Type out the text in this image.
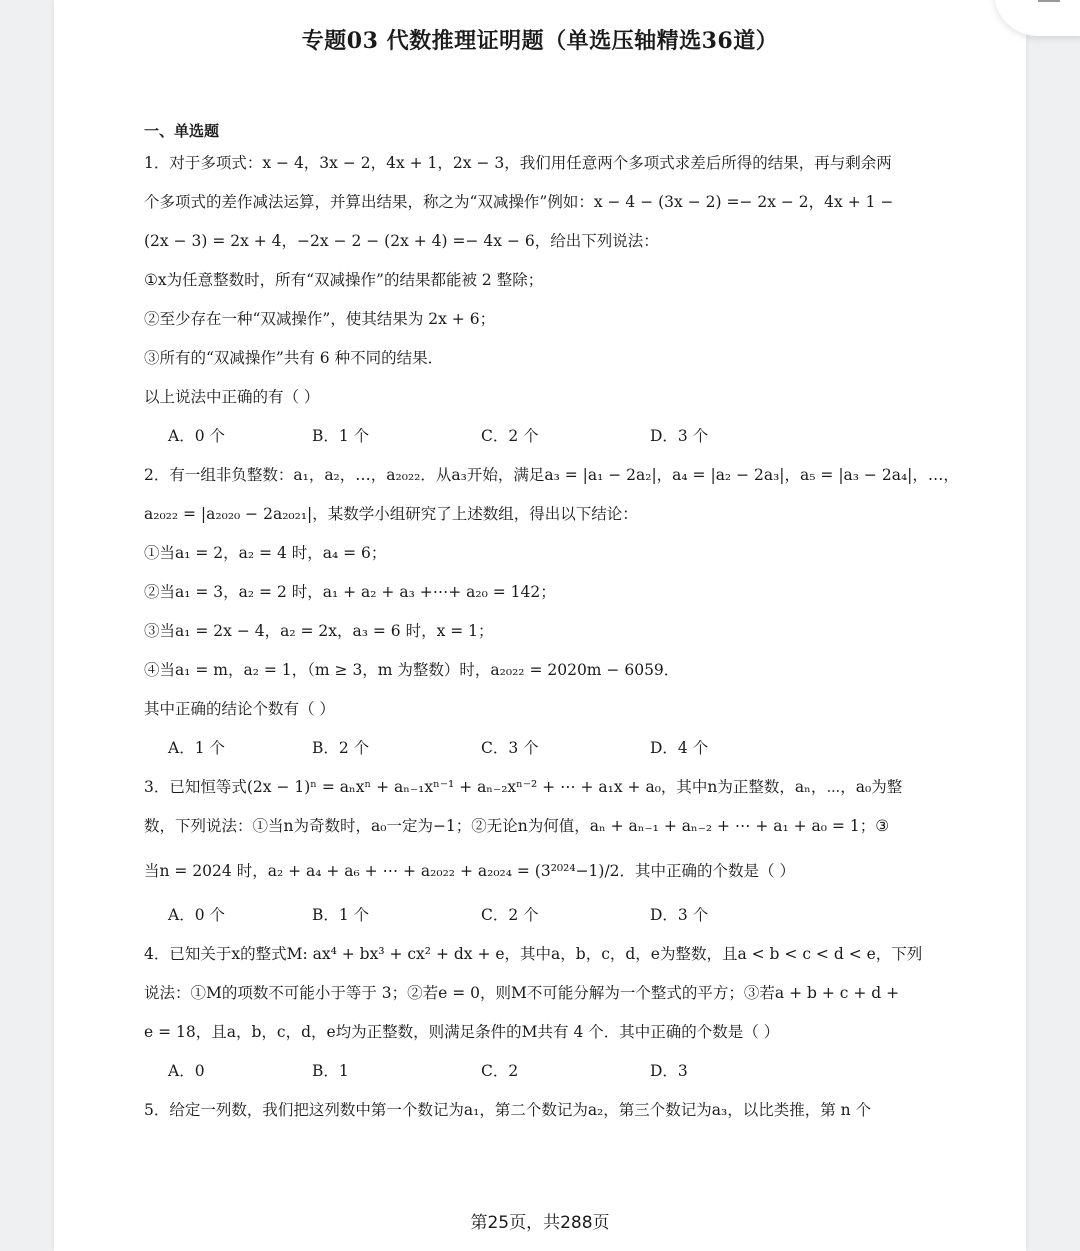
专题03 代数推理证明题（单选压轴精选36道）
一、单选题
1．对于多项式：x − 4，3x − 2，4x + 1，2x − 3，我们用任意两个多项式求差后所得的结果，再与剩余两
个多项式的差作减法运算，并算出结果，称之为“双减操作”例如：x − 4 − (3x − 2) =− 2x − 2，4x + 1 −
(2x − 3) = 2x + 4，−2x − 2 − (2x + 4) =− 4x − 6，给出下列说法：
①x为任意整数时，所有“双减操作”的结果都能被 2 整除；
②至少存在一种“双减操作”，使其结果为 2x + 6；
③所有的“双减操作”共有 6 种不同的结果．
以上说法中正确的有（ ）
A．0 个	B．1 个	C．2 个	D．3 个
2．有一组非负整数：a₁，a₂，…，a₂₀₂₂．从a₃开始，满足a₃ = |a₁ − 2a₂|，a₄ = |a₂ − 2a₃|，a₅ = |a₃ − 2a₄|，…，
a₂₀₂₂ = |a₂₀₂₀ − 2a₂₀₂₁|，某数学小组研究了上述数组，得出以下结论：
①当a₁ = 2，a₂ = 4 时，a₄ = 6；
②当a₁ = 3，a₂ = 2 时，a₁ + a₂ + a₃ +⋯+ a₂₀ = 142；
③当a₁ = 2x − 4，a₂ = 2x，a₃ = 6 时，x = 1；
④当a₁ = m，a₂ = 1，（m ≥ 3，m 为整数）时，a₂₀₂₂ = 2020m − 6059．
其中正确的结论个数有（ ）
A．1 个	B．2 个	C．3 个	D．4 个
3．已知恒等式(2x − 1)ⁿ = aₙxⁿ + aₙ₋₁xⁿ⁻¹ + aₙ₋₂xⁿ⁻² + ⋯ + a₁x + a₀，其中n为正整数，aₙ，⋯，a₀为整
数，下列说法：①当n为奇数时，a₀一定为−1；②无论n为何值，aₙ + aₙ₋₁ + aₙ₋₂ + ⋯ + a₁ + a₀ = 1；③
当n = 2024 时，a₂ + a₄ + a₆ + ⋯ + a₂₀₂₂ + a₂₀₂₄ = (3²⁰²⁴−1)/2．其中正确的个数是（ ）
A．0 个	B．1 个	C．2 个	D．3 个
4．已知关于x的整式M: ax⁴ + bx³ + cx² + dx + e，其中a，b，c，d，e为整数，且a < b < c < d < e，下列
说法：①M的项数不可能小于等于 3；②若e = 0，则M不可能分解为一个整式的平方；③若a + b + c + d +
e = 18，且a，b，c，d，e均为正整数，则满足条件的M共有 4 个．其中正确的个数是（ ）
A．0	B．1	C．2	D．3
5．给定一列数，我们把这列数中第一个数记为a₁，第二个数记为a₂，第三个数记为a₃，以比类推，第 n 个
第25页，共288页
